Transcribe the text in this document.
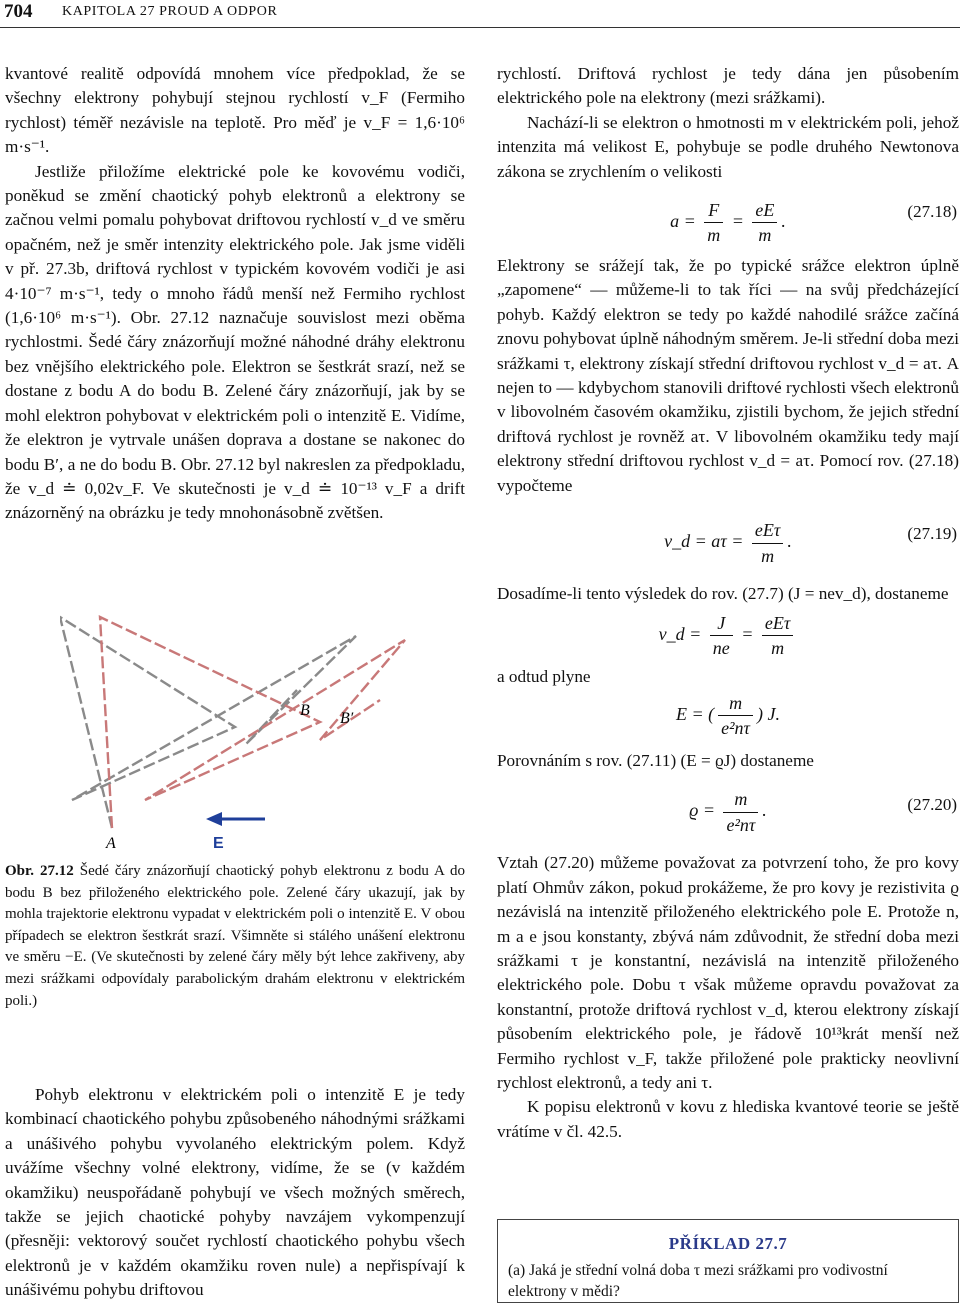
704 KAPITOLA 27 PROUD A ODPOR

kvantové realitě odpovídá mnohem více předpoklad, že se všechny elektrony pohybují stejnou rychlostí v_F (Fermiho rychlost) téměř nezávisle na teplotě. Pro měď je v_F = 1,6·10⁶ m·s⁻¹.

Jestliže přiložíme elektrické pole ke kovovému vodiči, poněkud se změní chaotický pohyb elektronů a elektrony se začnou velmi pomalu pohybovat driftovou rychlostí v_d ve směru opačném, než je směr intenzity elektrického pole. Jak jsme viděli v př. 27.3b, driftová rychlost v typickém kovovém vodiči je asi 4·10⁻⁷ m·s⁻¹, tedy o mnoho řádů menší než Fermiho rychlost (1,6·10⁶ m·s⁻¹). Obr. 27.12 naznačuje souvislost mezi oběma rychlostmi. Šedé čáry znázorňují možné náhodné dráhy elektronu bez vnějšího elektrického pole. Elektron se šestkrát srazí, než se dostane z bodu A do bodu B. Zelené čáry znázorňují, jak by se mohl elektron pohybovat v elektrickém poli o intenzitě E. Vidíme, že elektron je vytrvale unášen doprava a dostane se nakonec do bodu B′, a ne do bodu B. Obr. 27.12 byl nakreslen za předpokladu, že v_d ≐ 0,02v_F. Ve skutečnosti je v_d ≐ 10⁻¹³ v_F a drift znázorněný na obrázku je tedy mnohonásobně zvětšen.

A
B B′
E
Obr. 27.12 Šedé čáry znázorňují chaotický pohyb elektronu z bodu A do bodu B bez přiloženého elektrického pole. Zelené čáry ukazují, jak by mohla trajektorie elektronu vypadat v elektrickém poli o intenzitě E. V obou případech se elektron šestkrát srazí. Všimněte si stálého unášení elektronu ve směru −E. (Ve skutečnosti by zelené čáry měly být lehce zakřiveny, aby mezi srážkami odpovídaly parabolickým drahám elektronu v elektrickém poli.)

Pohyb elektronu v elektrickém poli o intenzitě E je tedy kombinací chaotického pohybu způsobeného náhodnými srážkami a unášivého pohybu vyvolaného elektrickým polem. Když uvážíme všechny volné elektrony, vidíme, že se (v každém okamžiku) neuspořádaně pohybují ve všech možných směrech, takže se jejich chaotické pohyby navzájem vykompenzují (přesněji: vektorový součet rychlostí chaotického pohybu všech elektronů je v každém okamžiku roven nule) a nepřispívají k unášivému pohybu driftovou

rychlostí. Driftová rychlost je tedy dána jen působením elektrického pole na elektrony (mezi srážkami).

Nachází-li se elektron o hmotnosti m v elektrickém poli, jehož intenzita má velikost E, pohybuje se podle druhého Newtonova zákona se zrychlením o velikosti

$a = \frac{F}{m} = \frac{eE}{m}$ .	(27.18)

Elektrony se srážejí tak, že po typické srážce elektron úplně „zapomene“ — můžeme-li to tak říci — na svůj předcházející pohyb. Každý elektron se tedy po každé nahodilé srážce začíná znovu pohybovat úplně náhodným směrem. Je-li střední doba mezi srážkami τ, elektrony získají střední driftovou rychlost v_d = aτ. A nejen to — kdybychom stanovili driftové rychlosti všech elektronů v libovolném časovém okamžiku, zjistili bychom, že jejich střední driftová rychlost je rovněž aτ. V libovolném okamžiku tedy mají elektrony střední driftovou rychlost v_d = aτ. Pomocí rov. (27.18) vypočteme

v_d = $a\tau = \frac{\text{eEτ}}{m}$ .	(27.19)

Dosadíme-li tento výsledek do rov. (27.7) (J = nev_d), dostaneme

v_d = $\frac{J}{ne} = \frac{\text{eEτ}}{m}$

a odtud plyne

E = ( $\frac{m}{\text{e²nτ}}$ ) J.

Porovnáním s rov. (27.11) (E = ϱJ) dostaneme

$ϱ = \frac{m}{\text{e²nτ}}$ .	(27.20)

Vztah (27.20) můžeme považovat za potvrzení toho, že pro kovy platí Ohmův zákon, pokud prokážeme, že pro kovy je rezistivita ϱ nezávislá na intenzitě přiloženého elektrického pole E. Protože n, m a e jsou konstanty, zbývá nám zdůvodnit, že střední doba mezi srážkami τ je konstantní, nezávislá na intenzitě přiloženého elektrického pole. Dobu τ však můžeme opravdu považovat za konstantní, protože driftová rychlost v_d, kterou elektrony získají působením elektrického pole, je řádově 10¹³krát menší než Fermiho rychlost v_F, takže přiložené pole prakticky neovlivní rychlost elektronů, a tedy ani τ.

K popisu elektronů v kovu z hlediska kvantové teorie se ještě vrátíme v čl. 42.5.

PŘÍKLAD 27.7
(a) Jaká je střední volná doba τ mezi srážkami pro vodivostní elektrony v mědi?
